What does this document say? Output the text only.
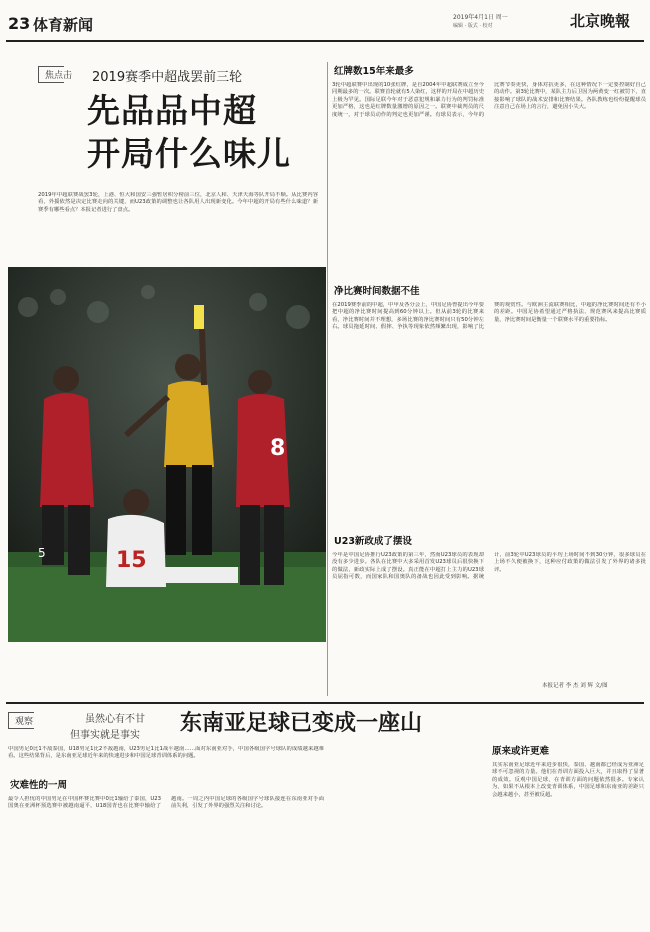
23 体育新闻	2019年4月1日 周一
编辑 · 版式 · 校对	北京晚報
焦点击 2019赛季中超战罢前三轮
先品品中超
开局什么味儿

2019年中超联赛战罢3轮，上港、恒大和国安三强暂居积分榜前三位，北京人和、天津天海等队开局不顺。从比赛内容看，外援依然是决定比赛走向的关键，而U23政策的调整也让各队用人出现新变化。今年中超的开局有些什么味道？新赛季有哪些看点？本报记者进行了盘点。

5
8
15
红牌数15年来最多

3轮中超联赛中出现的10张红牌，是自2004年中超联赛成立至今同期最多的一次。联赛首轮就有5人染红，这样的开局在中超历史上极为罕见。国际足联今年对于恶意犯规和暴力行为的判罚标准更加严格，这也是红牌数量激增的原因之一。联赛中裁判员的尺度统一，对于球员动作的判定也更加严谨。有球员表示，今年的比赛节奏更快，身体对抗更多，在这种情况下一定要控制好自己的动作。第3轮比赛中，某队主力后卫因为两黄变一红被罚下，直接影响了球队的战术安排和比赛结果。各队教练也纷纷提醒球员注意自己在场上的言行，避免因小失大。

净比赛时间数据不佳

在2019赛季前的中超，中甲及各分会上，中国足协曾提出今年要把中超的净比赛时间提高到60分钟以上。但从前3轮的比赛来看，净比赛时间并不理想，多场比赛的净比赛时间只有50分钟左右。球员拖延时间、假摔、争执等现象依然频繁出现，影响了比赛的观赏性。与欧洲主流联赛相比，中超的净比赛时间还有不小的差距。中国足协希望通过严格执法、规范赛风来提高比赛质量，净比赛时间是衡量一个联赛水平的重要指标。

U23新政成了摆设

今年是中国足协推行U23政策的第三年，然而U23球员的表现却没有多少进步。各队在比赛中大多采用首发U23球员后很快换下的做法，新政实际上成了摆设。真正能在中超打上主力的U23球员屈指可数，而国家队和国奥队的备战也因此受到影响。据统计，前3轮中U23球员的平均上场时间不到30分钟，很多球员在上场不久便被换下，这种应付政策的做法引发了外界的诸多批评。

本报记者 李 杰 刘 辉 文/图
观察	虽然心有不甘
但事实就是事实 东南亚足球已变成一座山

中国男足0比1不敌泰国，U18男足1比2不敌越南，U23男足1比1战平越南……面对东南亚对手，中国各级国字号球队的成绩越来越难看。这些结果背后，是东南亚足球近年来的快速进步和中国足球青训体系的问题。

灾难性的一周

最令人担忧的中国男足在中国杯赛比赛中0比1输给了泰国，U23国奥在亚洲杯预选赛中被越南逼平，U18国青也在比赛中输给了越南。一周之内中国足球的各级国字号球队接连在东南亚对手面前失利，引发了外界的强烈关注和讨论。

原来或许更难

其实东南亚足球近年来进步很快，泰国、越南都已经成为亚洲足球不可忽视的力量。他们在青训方面投入巨大，并且取得了显著的成效。反观中国足球，在青训方面的问题依然很多。专家认为，如果不从根本上改变青训体系，中国足球和东南亚的差距只会越来越小，甚至被反超。
